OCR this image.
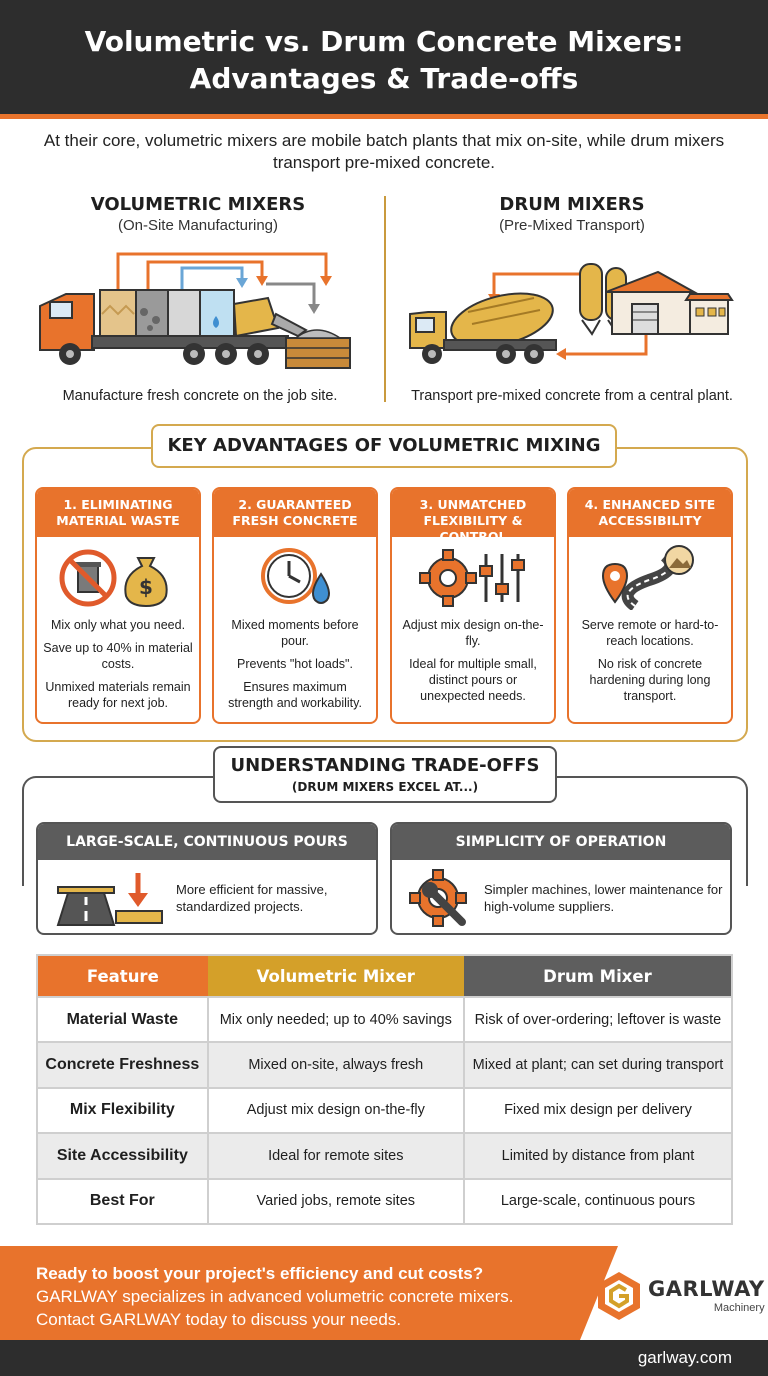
Volumetric vs. Drum Concrete Mixers: Advantages & Trade-offs

At their core, volumetric mixers are mobile batch plants that mix on-site, while drum mixers transport pre-mixed concrete.

VOLUMETRIC MIXERS
(On-Site Manufacturing)
DRUM MIXERS
(Pre-Mixed Transport)
Manufacture fresh concrete on the job site.	Transport pre-mixed concrete from a central plant.
KEY ADVANTAGES OF VOLUMETRIC MIXING
1. ELIMINATING MATERIAL WASTE
$

Mix only what you need.

Save up to 40% in material costs.

Unmixed materials remain ready for next job.

2. GUARANTEED FRESH CONCRETE

Mixed moments before pour.

Prevents "hot loads".

Ensures maximum strength and workability.

3. UNMATCHED FLEXIBILITY & CONTROL

Adjust mix design on-the-fly.

Ideal for multiple small, distinct pours or unexpected needs.

4. ENHANCED SITE ACCESSIBILITY

Serve remote or hard-to-reach locations.

No risk of concrete hardening during long transport.

UNDERSTANDING TRADE-OFFS
(DRUM MIXERS EXCEL AT...)
LARGE-SCALE, CONTINUOUS POURS
More efficient for massive, standardized projects.
SIMPLICITY OF OPERATION
Simpler machines, lower maintenance for high-volume suppliers.
Feature	Volumetric Mixer	Drum Mixer
Material Waste	Mix only needed; up to 40% savings	Risk of over-ordering; leftover is waste
Concrete Freshness	Mixed on-site, always fresh	Mixed at plant; can set during transport
Mix Flexibility	Adjust mix design on-the-fly	Fixed mix design per delivery
Site Accessibility	Ideal for remote sites	Limited by distance from plant
Best For	Varied jobs, remote sites	Large-scale, continuous pours
Ready to boost your project's efficiency and cut costs?
GARLWAY specializes in advanced volumetric concrete mixers.
Contact GARLWAY today to discuss your needs.
GARLWAY
Machinery
garlway.com
